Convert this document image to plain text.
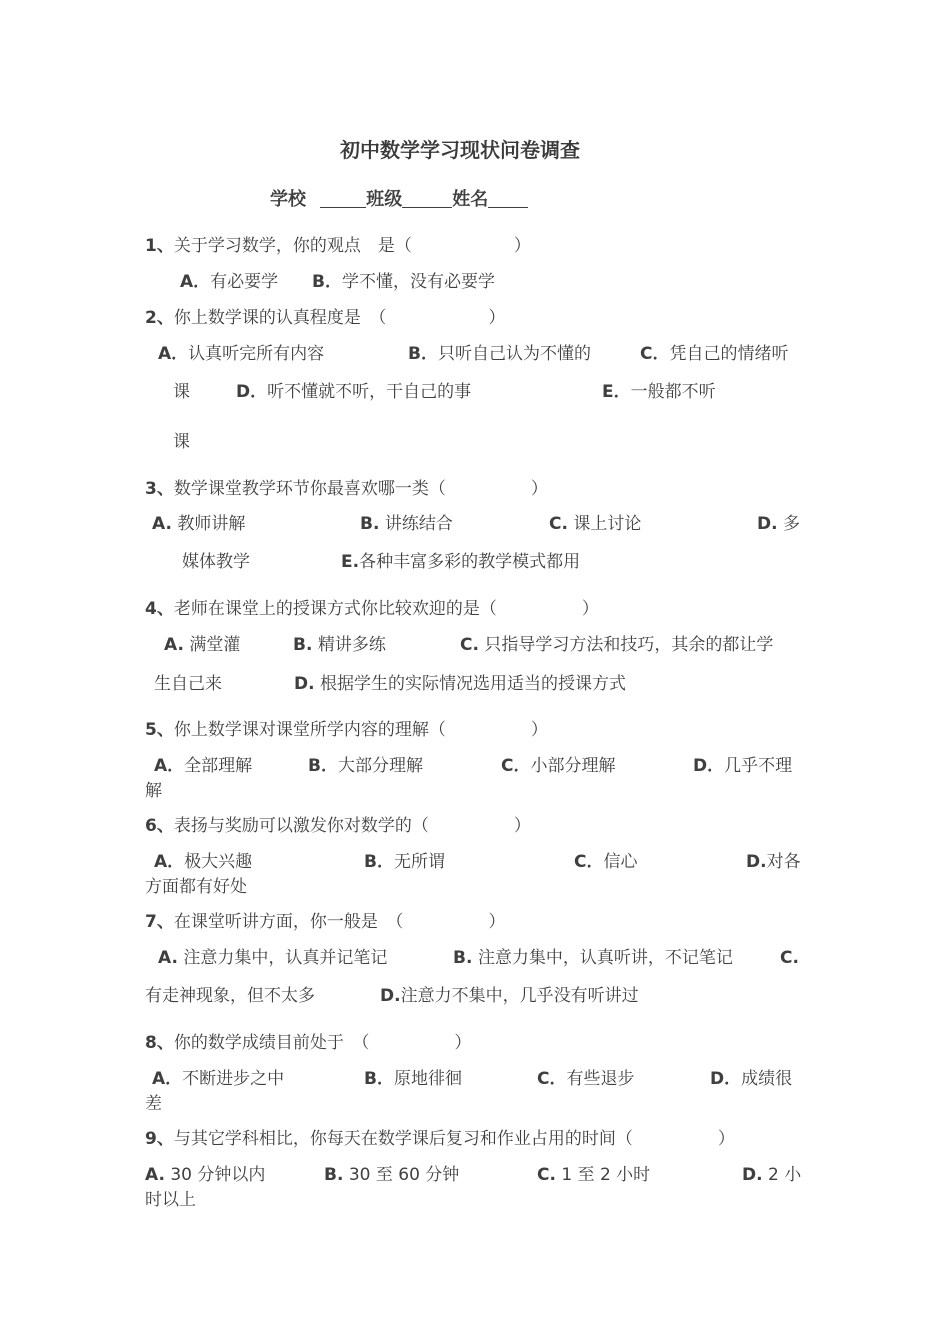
初中数学学习现状问卷调查
学校	班级	姓名
1、关于学习数学，你的观点　是（　　　　　　）
A．有必要学 B．学不懂，没有必要学
2、你上数学课的认真程度是　（　　　　　　）
A．认真听完所有内容	B．只听自己认为不懂的	C．凭自己的情绪听
课	D．听不懂就不听，干自己的事	E．一般都不听
课
3、数学课堂教学环节你最喜欢哪一类（　　　　　）
A. 教师讲解	B. 讲练结合	C. 课上讨论	D. 多
媒体教学	E.各种丰富多彩的教学模式都用
4、老师在课堂上的授课方式你比较欢迎的是（　　　　　）
A. 满堂灌	B. 精讲多练	C. 只指导学习方法和技巧，其余的都让学
生自己来	D. 根据学生的实际情况选用适当的授课方式
5、你上数学课对课堂所学内容的理解（　　　　　）
A．全部理解	B．大部分理解	C．小部分理解	D．几乎不理
解
6、表扬与奖励可以激发你对数学的（　　　　　）
A．极大兴趣	B．无所谓	C．信心	D.对各
方面都有好处
7、在课堂听讲方面，你一般是　（　　　　　）
A. 注意力集中，认真并记笔记	B. 注意力集中，认真听讲，不记笔记	C.
有走神现象，但不太多	D.注意力不集中，几乎没有听讲过
8、你的数学成绩目前处于　（　　　　　）
A．不断进步之中	B．原地徘徊	C．有些退步	D．成绩很
差
9、与其它学科相比，你每天在数学课后复习和作业占用的时间（　　　　　）
A. 30 分钟以内	B. 30 至 60 分钟	C. 1 至 2 小时	D. 2 小
时以上
